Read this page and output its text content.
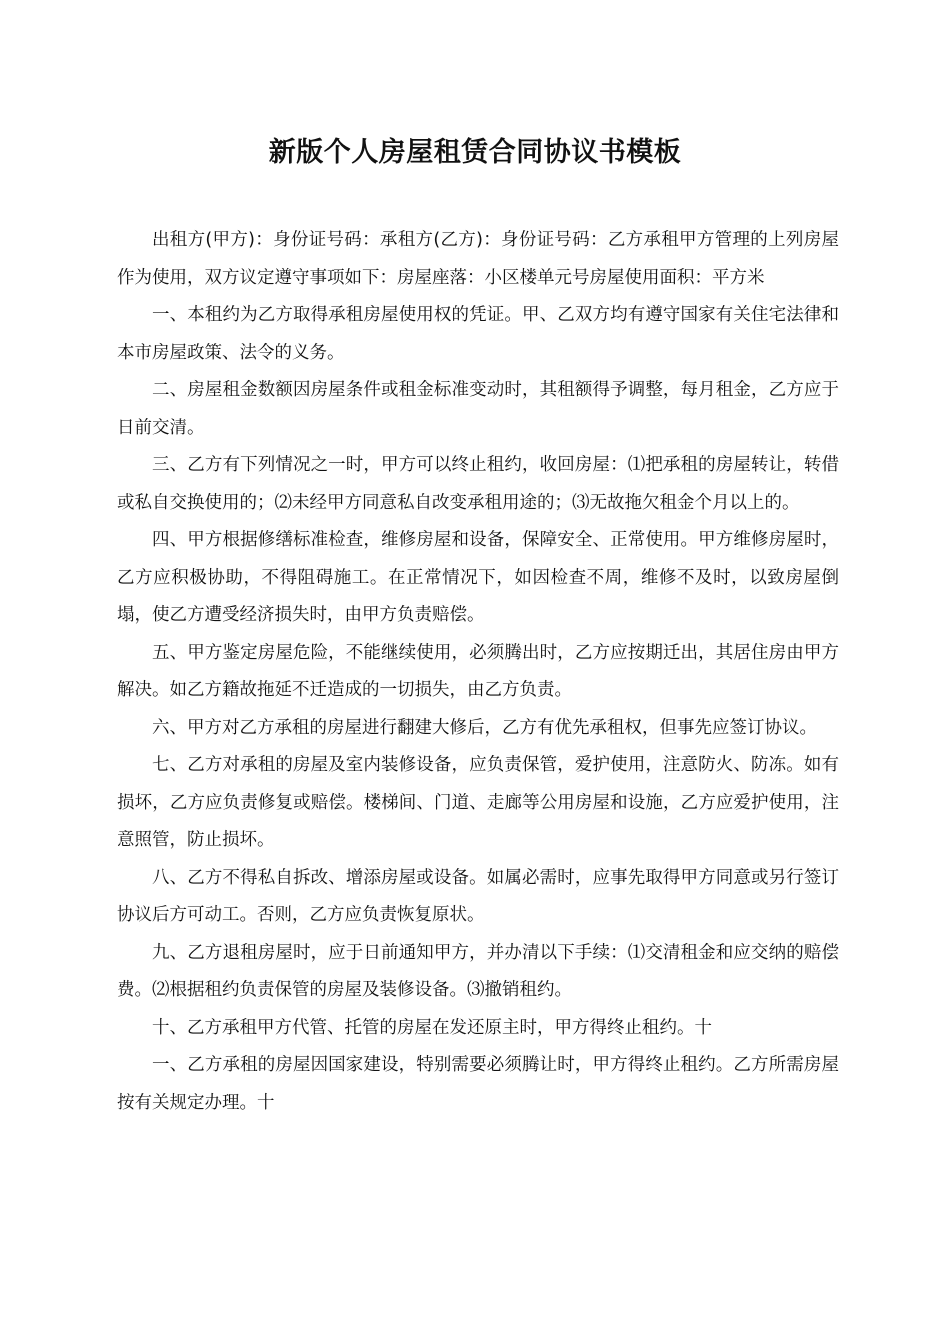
新版个人房屋租赁合同协议书模板

出租方(甲方)：身份证号码：承租方(乙方)：身份证号码：乙方承租甲方管理的上列房屋作为使用，双方议定遵守事项如下：房屋座落：小区楼单元号房屋使用面积：平方米

一、本租约为乙方取得承租房屋使用权的凭证。甲、乙双方均有遵守国家有关住宅法律和本市房屋政策、法令的义务。

二、房屋租金数额因房屋条件或租金标准变动时，其租额得予调整，每月租金，乙方应于日前交清。

三、乙方有下列情况之一时，甲方可以终止租约，收回房屋：⑴把承租的房屋转让，转借或私自交换使用的；⑵未经甲方同意私自改变承租用途的；⑶无故拖欠租金个月以上的。

四、甲方根据修缮标准检查，维修房屋和设备，保障安全、正常使用。甲方维修房屋时，乙方应积极协助，不得阻碍施工。在正常情况下，如因检查不周，维修不及时，以致房屋倒塌，使乙方遭受经济损失时，由甲方负责赔偿。

五、甲方鉴定房屋危险，不能继续使用，必须腾出时，乙方应按期迁出，其居住房由甲方解决。如乙方籍故拖延不迁造成的一切损失，由乙方负责。

六、甲方对乙方承租的房屋进行翻建大修后，乙方有优先承租权，但事先应签订协议。

七、乙方对承租的房屋及室内装修设备，应负责保管，爱护使用，注意防火、防冻。如有损坏，乙方应负责修复或赔偿。楼梯间、门道、走廊等公用房屋和设施，乙方应爱护使用，注意照管，防止损坏。

八、乙方不得私自拆改、增添房屋或设备。如属必需时，应事先取得甲方同意或另行签订协议后方可动工。否则，乙方应负责恢复原状。

九、乙方退租房屋时，应于日前通知甲方，并办清以下手续：⑴交清租金和应交纳的赔偿费。⑵根据租约负责保管的房屋及装修设备。⑶撤销租约。

十、乙方承租甲方代管、托管的房屋在发还原主时，甲方得终止租约。十

一、乙方承租的房屋因国家建设，特别需要必须腾让时，甲方得终止租约。乙方所需房屋按有关规定办理。十
